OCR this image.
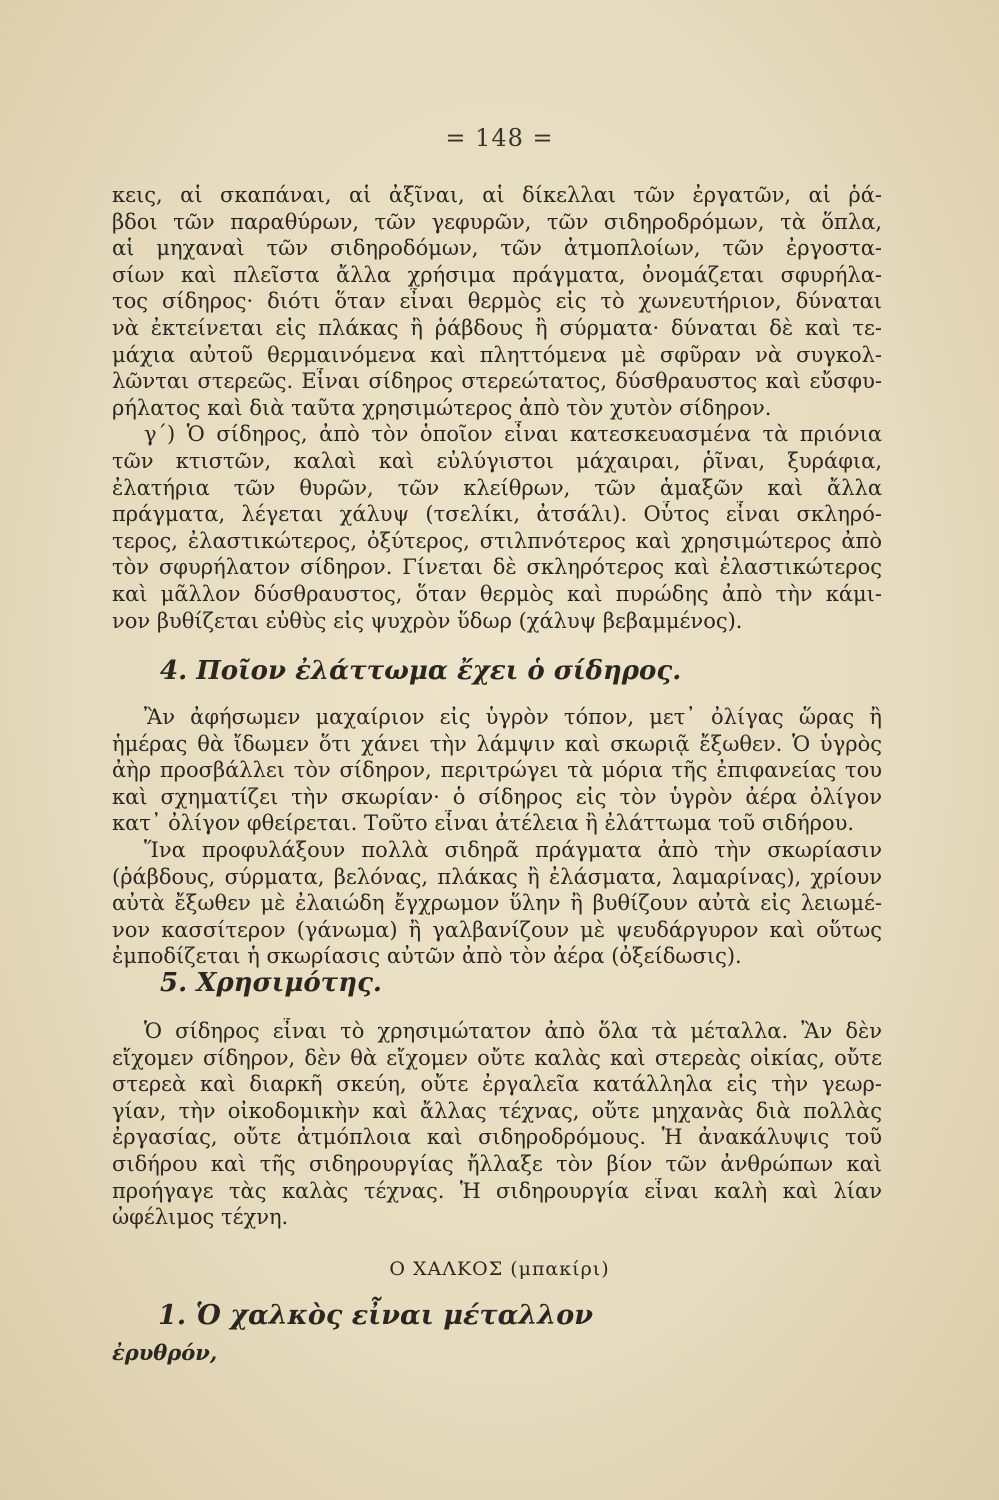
= 148 =
κεις, αἱ σκαπάναι, αἱ ἀξῖναι, αἱ δίκελλαι τῶν ἐργατῶν, αἱ ῥά-
βδοι τῶν παραθύρων, τῶν γεφυρῶν, τῶν σιδηροδρόμων, τὰ ὅπλα,
αἱ μηχαναὶ τῶν σιδηροδόμων, τῶν ἀτμοπλοίων, τῶν ἐργοστα-
σίων καὶ πλεῖστα ἄλλα χρήσιμα πράγματα, ὀνομάζεται σφυρήλα-
τος σίδηρος· διότι ὅταν εἶναι θερμὸς εἰς τὸ χωνευτήριον, δύναται
νὰ ἐκτείνεται εἰς πλάκας ἢ ῥάβδους ἢ σύρματα· δύναται δὲ καὶ τε-
μάχια αὐτοῦ θερμαινόμενα καὶ πληττόμενα μὲ σφῦραν νὰ συγκολ-
λῶνται στερεῶς. Εἶναι σίδηρος στερεώτατος, δύσθραυστος καὶ εὔσφυ-
ρήλατος καὶ διὰ ταῦτα χρησιμώτερος ἀπὸ τὸν χυτὸν σίδηρον.
γ΄) Ὁ σίδηρος, ἀπὸ τὸν ὁποῖον εἶναι κατεσκευασμένα τὰ πριόνια
τῶν κτιστῶν, καλαὶ καὶ εὐλύγιστοι μάχαιραι, ῥῖναι, ξυράφια,
ἐλατήρια τῶν θυρῶν, τῶν κλείθρων, τῶν ἁμαξῶν καὶ ἄλλα
πράγματα, λέγεται χάλυψ (τσελίκι, ἀτσάλι). Οὗτος εἶναι σκληρό-
τερος, ἐλαστικώτερος, ὀξύτερος, στιλπνότερος καὶ χρησιμώτερος ἀπὸ
τὸν σφυρήλατον σίδηρον. Γίνεται δὲ σκληρότερος καὶ ἐλαστικώτερος
καὶ μᾶλλον δύσθραυστος, ὅταν θερμὸς καὶ πυρώδης ἀπὸ τὴν κάμι-
νον βυθίζεται εὐθὺς εἰς ψυχρὸν ὕδωρ (χάλυψ βεβαμμένος).
4. Ποῖον ἐλάττωμα ἔχει ὁ σίδηρος.
Ἂν ἀφήσωμεν μαχαίριον εἰς ὑγρὸν τόπον, μετ᾽ ὀλίγας ὥρας ἢ
ἡμέρας θὰ ἴδωμεν ὅτι χάνει τὴν λάμψιν καὶ σκωριᾷ ἔξωθεν. Ὁ ὑγρὸς
ἀὴρ προσβάλλει τὸν σίδηρον, περιτρώγει τὰ μόρια τῆς ἐπιφανείας του
καὶ σχηματίζει τὴν σκωρίαν· ὁ σίδηρος εἰς τὸν ὑγρὸν ἀέρα ὀλίγον
κατ᾽ ὀλίγον φθείρεται. Τοῦτο εἶναι ἀτέλεια ἢ ἐλάττωμα τοῦ σιδήρου.
Ἵνα προφυλάξουν πολλὰ σιδηρᾶ πράγματα ἀπὸ τὴν σκωρίασιν
(ῥάβδους, σύρματα, βελόνας, πλάκας ἢ ἐλάσματα, λαμαρίνας), χρίουν
αὐτὰ ἔξωθεν μὲ ἐλαιώδη ἔγχρωμον ὕλην ἢ βυθίζουν αὐτὰ εἰς λειωμέ-
νον κασσίτερον (γάνωμα) ἢ γαλβανίζουν μὲ ψευδάργυρον καὶ οὕτως
ἐμποδίζεται ἡ σκωρίασις αὐτῶν ἀπὸ τὸν ἀέρα (ὀξείδωσις).
5. Χρησιμότης.
Ὁ σίδηρος εἶναι τὸ χρησιμώτατον ἀπὸ ὅλα τὰ μέταλλα. Ἂν δὲν
εἴχομεν σίδηρον, δὲν θὰ εἴχομεν οὔτε καλὰς καὶ στερεὰς οἰκίας, οὔτε
στερεὰ καὶ διαρκῆ σκεύη, οὔτε ἐργαλεῖα κατάλληλα εἰς τὴν γεωρ-
γίαν, τὴν οἰκοδομικὴν καὶ ἄλλας τέχνας, οὔτε μηχανὰς διὰ πολλὰς
ἐργασίας, οὔτε ἀτμόπλοια καὶ σιδηροδρόμους. Ἡ ἀνακάλυψις τοῦ
σιδήρου καὶ τῆς σιδηρουργίας ἤλλαξε τὸν βίον τῶν ἀνθρώπων καὶ
προήγαγε τὰς καλὰς τέχνας. Ἡ σιδηρουργία εἶναι καλὴ καὶ λίαν
ὠφέλιμος τέχνη.
Ο ΧΑΛΚΟΣ (μπακίρι)
1. Ὁ χαλκὸς εἶναι μέταλλον
ἐρυθρόν,
